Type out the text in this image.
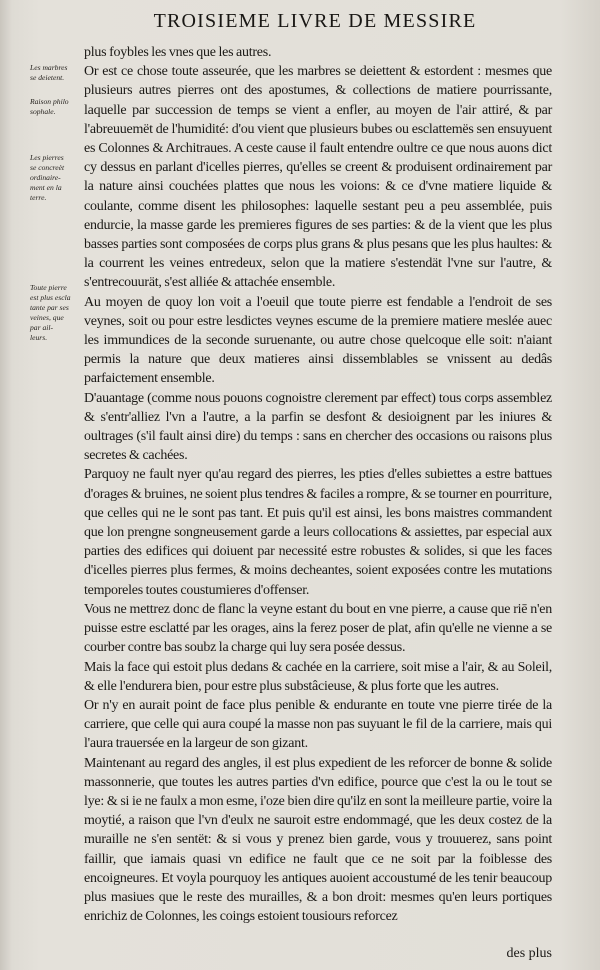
TROISIEME LIVRE DE MESSIRE

Les marbres
se deietent.

Raison philo
sophale.

Les pierres
se concreèt
ordinaire-
ment en la
terre.

Toute pierre
est plus escla
tante par ses
veines, que
par ail-
leurs.

plus foybles les vnes que les autres.

Or est ce chose toute asseurée, que les marbres se deiettent & estordent : mesmes que plusieurs autres pierres ont des apostumes, & collections de matiere pourrissante, laquelle par succession de temps se vient a enfler, au moyen de l'air attiré, & par l'abreuuemët de l'humidité: d'ou vient que plusieurs bubes ou esclattemës sen ensuyuent es Colonnes & Architraues. A ceste cause il fault entendre oultre ce que nous auons dict cy dessus en parlant d'icelles pierres, qu'elles se creent & produisent ordinairement par la nature ainsi couchées plattes que nous les voions: & ce d'vne matiere liquide & coulante, comme disent les philosophes: laquelle sestant peu a peu assemblée, puis endurcie, la masse garde les premieres figures de ses parties: & de la vient que les plus basses parties sont composées de corps plus grans & plus pesans que les plus haultes: & la courrent les veines entredeux, selon que la matiere s'estendät l'vne sur l'autre, & s'entrecouurät, s'est alliée & attachée ensemble.

Au moyen de quoy lon voit a l'oeuil que toute pierre est fendable a l'endroit de ses veynes, soit ou pour estre lesdictes veynes escume de la premiere matiere meslée auec les immundices de la seconde suruenante, ou autre chose quelcoque elle soit: n'aiant permis la nature que deux matieres ainsi dissemblables se vnissent au dedâs parfaictement ensemble.

D'auantage (comme nous pouons cognoistre clerement par effect) tous corps assemblez & s'entr'alliez l'vn a l'autre, a la parfin se desfont & desioignent par les iniures & oultrages (s'il fault ainsi dire) du temps : sans en chercher des occasions ou raisons plus secretes & cachées.

Parquoy ne fault nyer qu'au regard des pierres, les pties d'elles subiettes a estre battues d'orages & bruines, ne soient plus tendres & faciles a rompre, & se tourner en pourriture, que celles qui ne le sont pas tant. Et puis qu'il est ainsi, les bons maistres commandent que lon prengne songneusement garde a leurs collocations & assiettes, par especial aux parties des edifices qui doiuent par necessité estre robustes & solides, si que les faces d'icelles pierres plus fermes, & moins decheantes, soient exposées contre les mutations temporeles toutes coustumieres d'offenser.

Vous ne mettrez donc de flanc la veyne estant du bout en vne pierre, a cause que riē n'en puisse estre esclatté par les orages, ains la ferez poser de plat, afin qu'elle ne vienne a se courber contre bas soubz la charge qui luy sera posée dessus.

Mais la face qui estoit plus dedans & cachée en la carriere, soit mise a l'air, & au Soleil, & elle l'endurera bien, pour estre plus substâcieuse, & plus forte que les autres.

Or n'y en aurait point de face plus penible & endurante en toute vne pierre tirée de la carriere, que celle qui aura coupé la masse non pas suyuant le fil de la carriere, mais qui l'aura trauersée en la largeur de son gizant.

Maintenant au regard des angles, il est plus expedient de les reforcer de bonne & solide massonnerie, que toutes les autres parties d'vn edifice, pource que c'est la ou le tout se lye: & si ie ne faulx a mon esme, i'oze bien dire qu'ilz en sont la meilleure partie, voire la moytié, a raison que l'vn d'eulx ne sauroit estre endommagé, que les deux costez de la muraille ne s'en sentët: & si vous y prenez bien garde, vous y trouuerez, sans point faillir, que iamais quasi vn edifice ne fault que ce ne soit par la foiblesse des encoigneures. Et voyla pourquoy les antiques auoient accoustumé de les tenir beaucoup plus masiues que le reste des murailles, & a bon droit: mesmes qu'en leurs portiques enrichiz de Colonnes, les coings estoient tousiours reforcez

des plus
